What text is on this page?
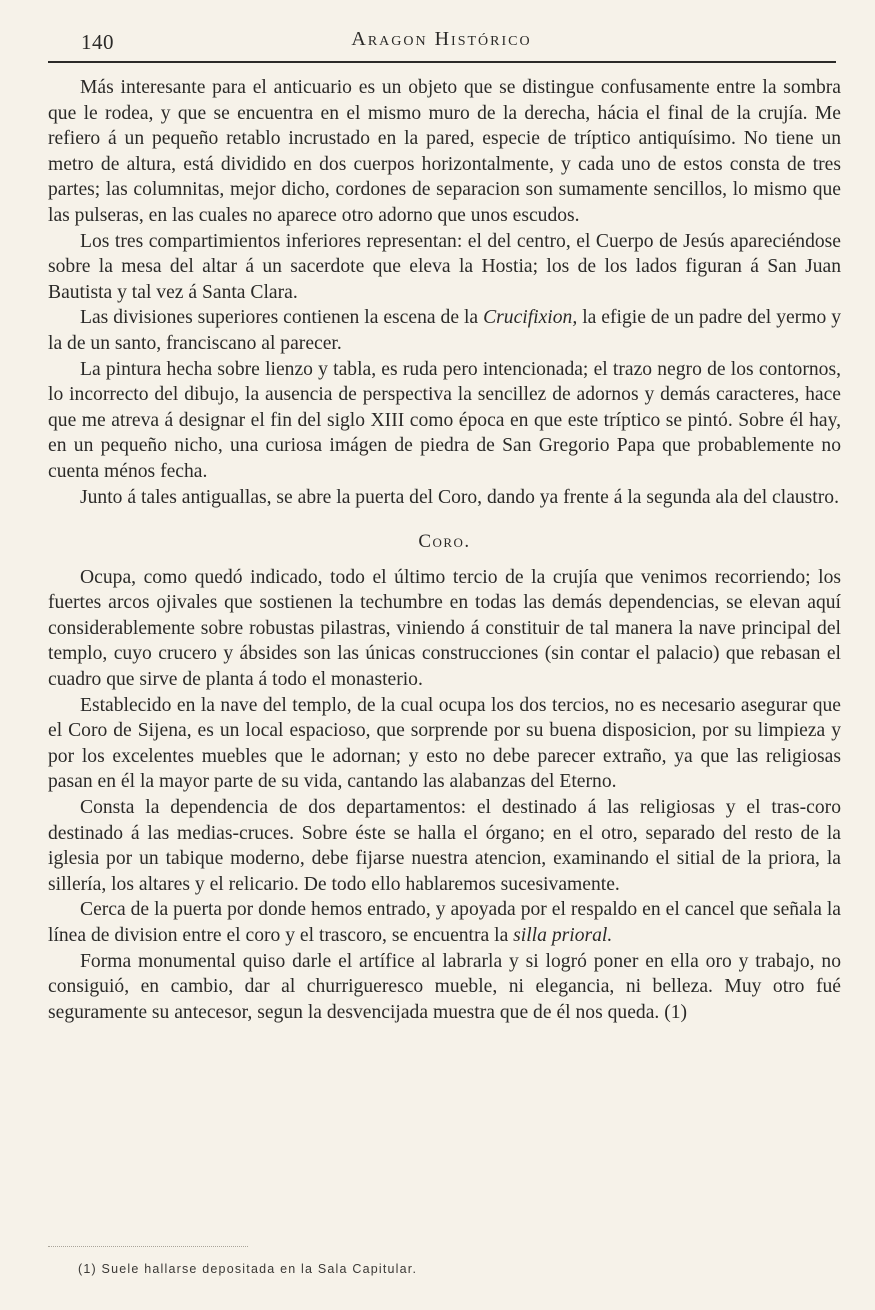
140	Aragon Histórico

Más interesante para el anticuario es un objeto que se distingue confusamente entre la sombra que le rodea, y que se encuentra en el mismo muro de la derecha, hácia el final de la crujía. Me refiero á un pequeño retablo incrustado en la pared, especie de tríptico antiquísimo. No tiene un metro de altura, está dividido en dos cuerpos horizontalmente, y cada uno de estos consta de tres partes; las columnitas, mejor dicho, cordones de separacion son sumamente sencillos, lo mismo que las pulseras, en las cuales no aparece otro adorno que unos escudos.

Los tres compartimientos inferiores representan: el del centro, el Cuerpo de Jesús apareciéndose sobre la mesa del altar á un sacerdote que eleva la Hostia; los de los lados figuran á San Juan Bautista y tal vez á Santa Clara.

Las divisiones superiores contienen la escena de la Crucifixion, la efigie de un padre del yermo y la de un santo, franciscano al parecer.

La pintura hecha sobre lienzo y tabla, es ruda pero intencionada; el trazo negro de los contornos, lo incorrecto del dibujo, la ausencia de perspectiva la sencillez de adornos y demás caracteres, hace que me atreva á designar el fin del siglo XIII como época en que este tríptico se pintó. Sobre él hay, en un pequeño nicho, una curiosa imágen de piedra de San Gregorio Papa que probablemente no cuenta ménos fecha.

Junto á tales antiguallas, se abre la puerta del Coro, dando ya frente á la segunda ala del claustro.

Coro.

Ocupa, como quedó indicado, todo el último tercio de la crujía que venimos recorriendo; los fuertes arcos ojivales que sostienen la techumbre en todas las demás dependencias, se elevan aquí considerablemente sobre robustas pilastras, viniendo á constituir de tal manera la nave principal del templo, cuyo crucero y ábsides son las únicas construcciones (sin contar el palacio) que rebasan el cuadro que sirve de planta á todo el monasterio.

Establecido en la nave del templo, de la cual ocupa los dos tercios, no es necesario asegurar que el Coro de Sijena, es un local espacioso, que sorprende por su buena disposicion, por su limpieza y por los excelentes muebles que le adornan; y esto no debe parecer extraño, ya que las religiosas pasan en él la mayor parte de su vida, cantando las alabanzas del Eterno.

Consta la dependencia de dos departamentos: el destinado á las religiosas y el tras-coro destinado á las medias-cruces. Sobre éste se halla el órgano; en el otro, separado del resto de la iglesia por un tabique moderno, debe fijarse nuestra atencion, examinando el sitial de la priora, la sillería, los altares y el relicario. De todo ello hablaremos sucesivamente.

Cerca de la puerta por donde hemos entrado, y apoyada por el respaldo en el cancel que señala la línea de division entre el coro y el trascoro, se encuentra la silla prioral.

Forma monumental quiso darle el artífice al labrarla y si logró poner en ella oro y trabajo, no consiguió, en cambio, dar al churrigueresco mueble, ni elegancia, ni belleza. Muy otro fué seguramente su antecesor, segun la desvencijada muestra que de él nos queda. (1)

(1) Suele hallarse depositada en la Sala Capitular.
